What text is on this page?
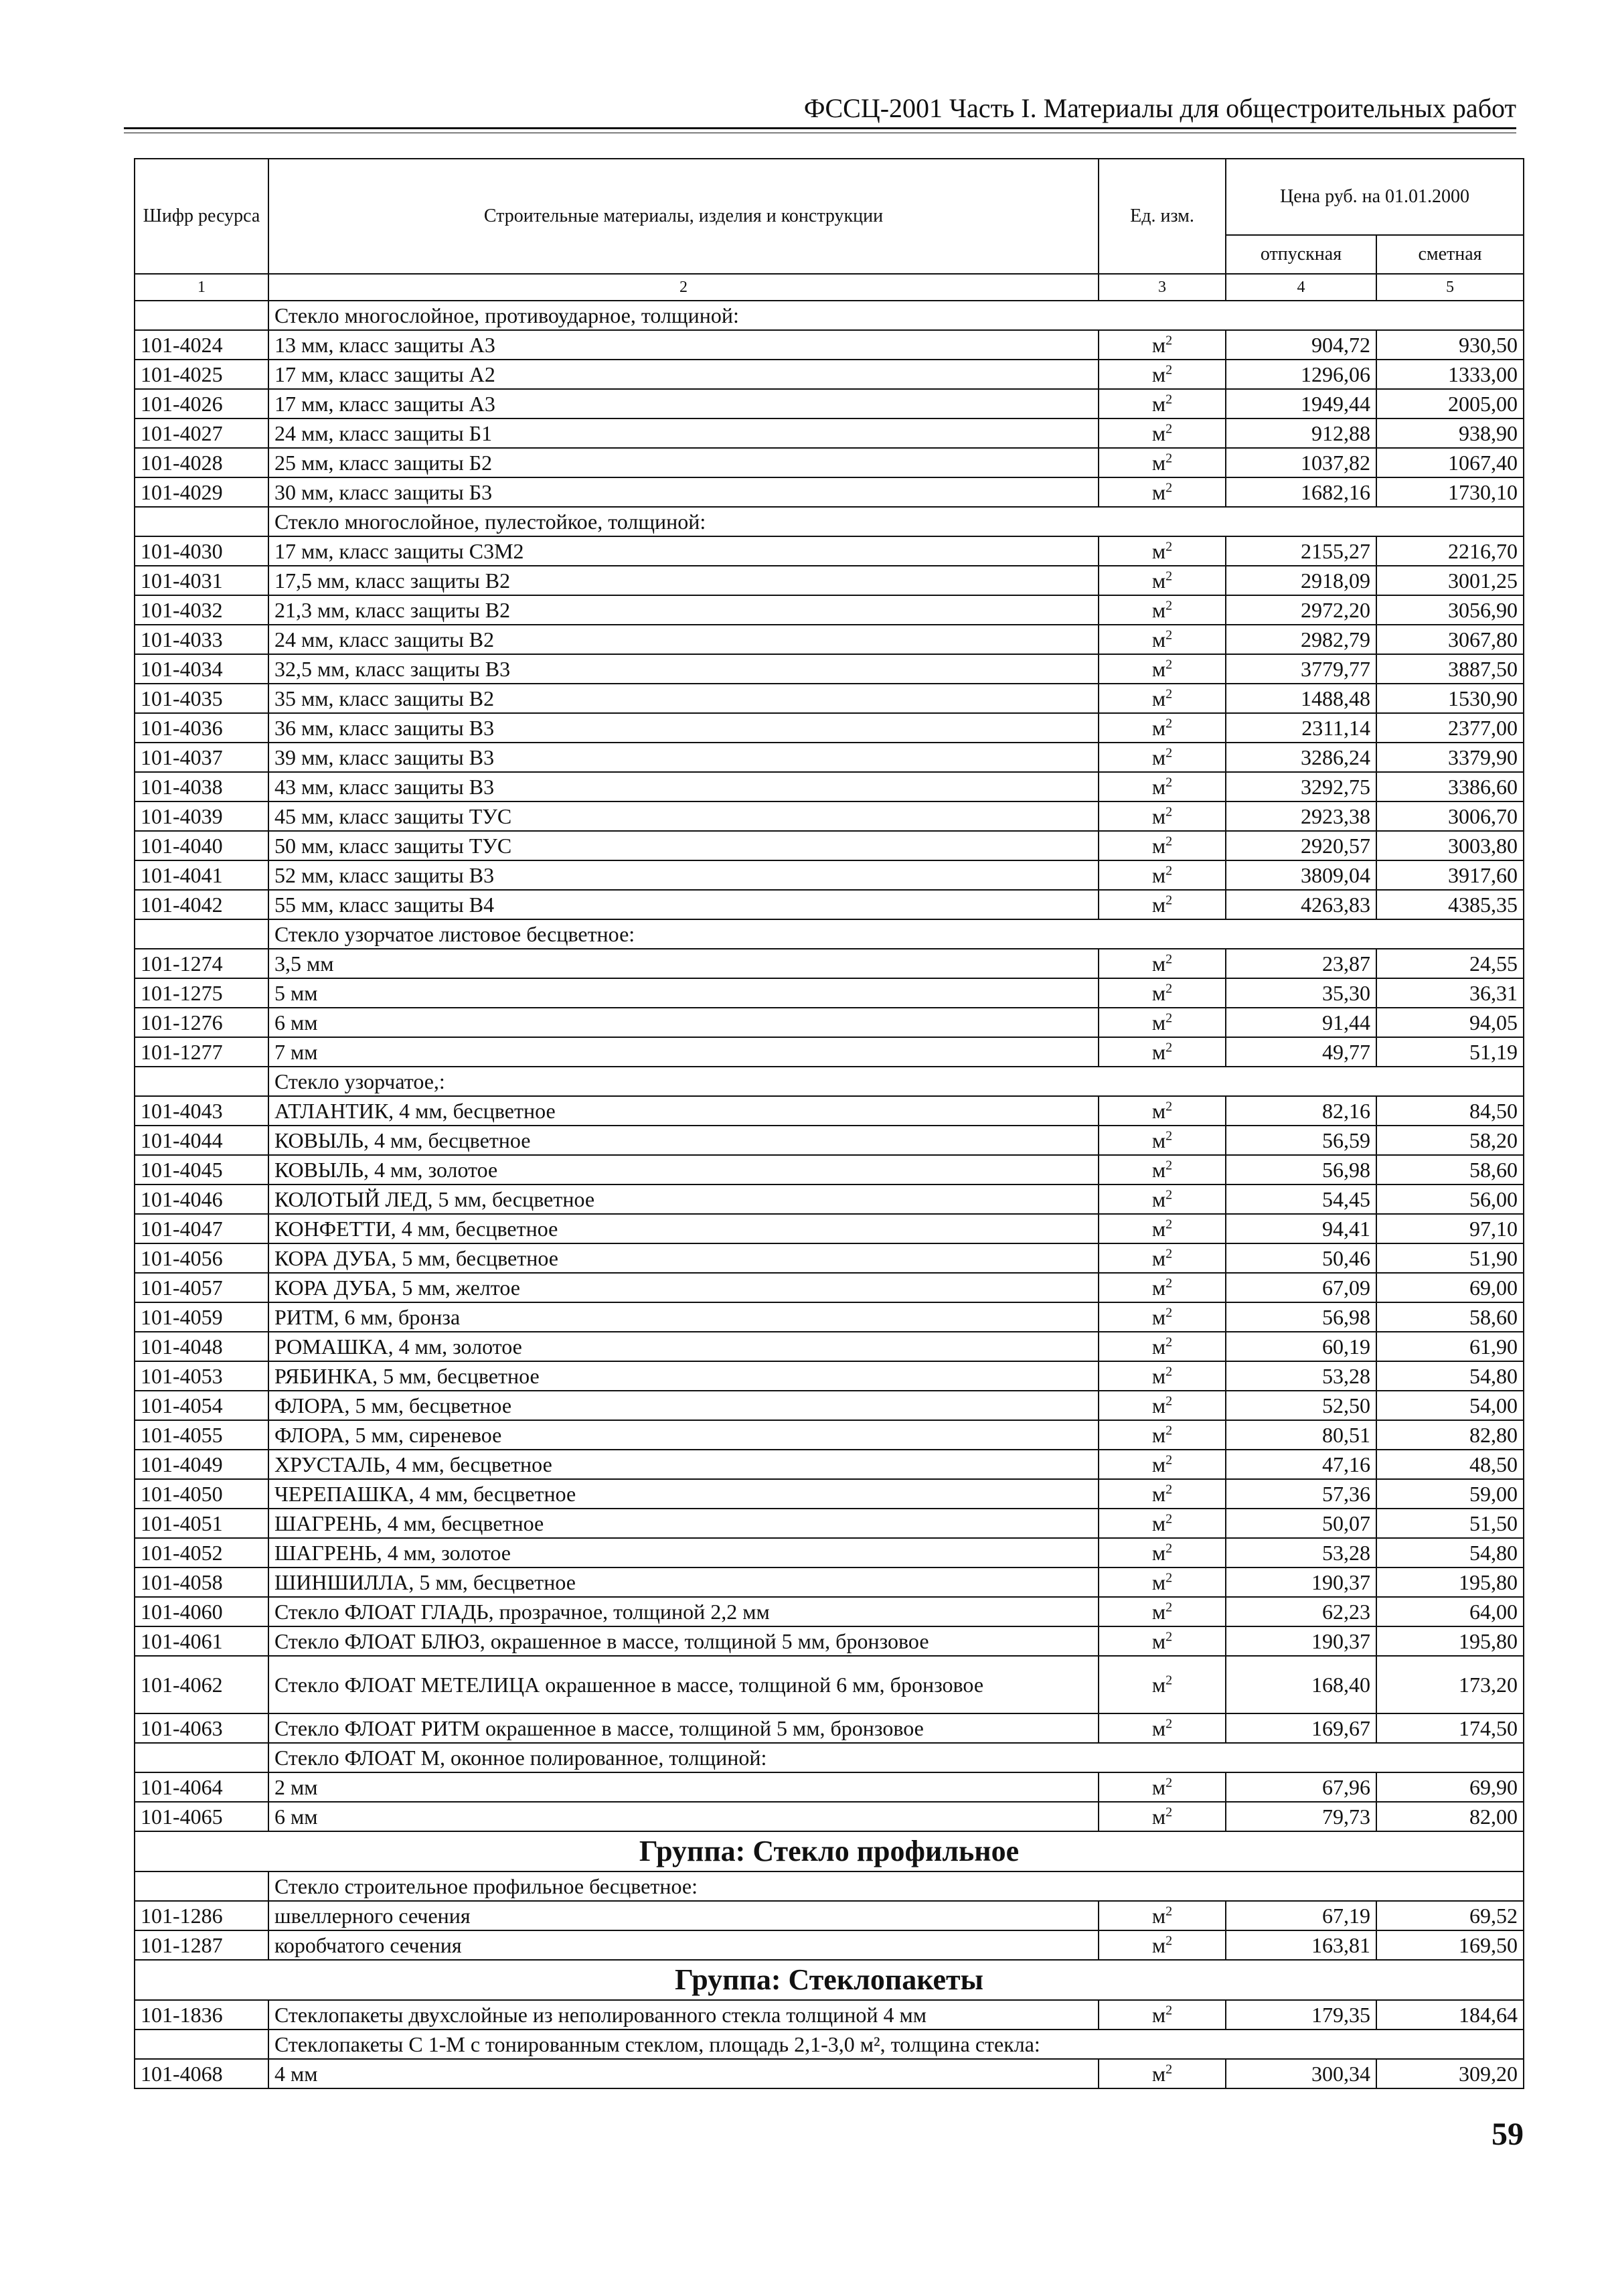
ФССЦ-2001 Часть I. Материалы для общестроительных работ
Шифр ресурса	Строительные материалы, изделия и конструкции	Ед. изм.	Цена руб. на 01.01.2000	
			отпускная	сметная
1	2	3	4	5
	Стекло многослойное, противоударное, толщиной:			
101-4024	13 мм, класс защиты А3	$м^2$	904,72	930,50
101-4025	17 мм, класс защиты А2	$м^2$	1296,06	1333,00
101-4026	17 мм, класс защиты А3	$м^2$	1949,44	2005,00
101-4027	24 мм, класс защиты Б1	$м^2$	912,88	938,90
101-4028	25 мм, класс защиты Б2	$м^2$	1037,82	1067,40
101-4029	30 мм, класс защиты Б3	$м^2$	1682,16	1730,10
	Стекло многослойное, пулестойкое, толщиной:			
101-4030	17 мм, класс защиты С3М2	$м^2$	2155,27	2216,70
101-4031	17,5 мм, класс защиты В2	$м^2$	2918,09	3001,25
101-4032	21,3 мм, класс защиты В2	$м^2$	2972,20	3056,90
101-4033	24 мм, класс защиты В2	$м^2$	2982,79	3067,80
101-4034	32,5 мм, класс защиты В3	$м^2$	3779,77	3887,50
101-4035	35 мм, класс защиты В2	$м^2$	1488,48	1530,90
101-4036	36 мм, класс защиты В3	$м^2$	2311,14	2377,00
101-4037	39 мм, класс защиты В3	$м^2$	3286,24	3379,90
101-4038	43 мм, класс защиты В3	$м^2$	3292,75	3386,60
101-4039	45 мм, класс защиты ТУС	$м^2$	2923,38	3006,70
101-4040	50 мм, класс защиты ТУС	$м^2$	2920,57	3003,80
101-4041	52 мм, класс защиты В3	$м^2$	3809,04	3917,60
101-4042	55 мм, класс защиты В4	$м^2$	4263,83	4385,35
	Стекло узорчатое листовое бесцветное:			
101-1274	3,5 мм	$м^2$	23,87	24,55
101-1275	5 мм	$м^2$	35,30	36,31
101-1276	6 мм	$м^2$	91,44	94,05
101-1277	7 мм	$м^2$	49,77	51,19
	Стекло узорчатое,:			
101-4043	АТЛАНТИК, 4 мм, бесцветное	$м^2$	82,16	84,50
101-4044	КОВЫЛЬ, 4 мм, бесцветное	$м^2$	56,59	58,20
101-4045	КОВЫЛЬ, 4 мм, золотое	$м^2$	56,98	58,60
101-4046	КОЛОТЫЙ ЛЕД, 5 мм, бесцветное	$м^2$	54,45	56,00
101-4047	КОНФЕТТИ, 4 мм, бесцветное	$м^2$	94,41	97,10
101-4056	КОРА ДУБА, 5 мм, бесцветное	$м^2$	50,46	51,90
101-4057	КОРА ДУБА, 5 мм, желтое	$м^2$	67,09	69,00
101-4059	РИТМ, 6 мм, бронза	$м^2$	56,98	58,60
101-4048	РОМАШКА, 4 мм, золотое	$м^2$	60,19	61,90
101-4053	РЯБИНКА, 5 мм, бесцветное	$м^2$	53,28	54,80
101-4054	ФЛОРА, 5 мм, бесцветное	$м^2$	52,50	54,00
101-4055	ФЛОРА, 5 мм, сиреневое	$м^2$	80,51	82,80
101-4049	ХРУСТАЛЬ, 4 мм, бесцветное	$м^2$	47,16	48,50
101-4050	ЧЕРЕПАШКА, 4 мм, бесцветное	$м^2$	57,36	59,00
101-4051	ШАГРЕНЬ, 4 мм, бесцветное	$м^2$	50,07	51,50
101-4052	ШАГРЕНЬ, 4 мм, золотое	$м^2$	53,28	54,80
101-4058	ШИНШИЛЛА, 5 мм, бесцветное	$м^2$	190,37	195,80
101-4060	Стекло ФЛОАТ ГЛАДЬ, прозрачное, толщиной 2,2 мм	$м^2$	62,23	64,00
101-4061	Стекло ФЛОАТ БЛЮЗ, окрашенное в массе, толщиной 5 мм, бронзовое	$м^2$	190,37	195,80
101-4062	Стекло ФЛОАТ МЕТЕЛИЦА окрашенное в массе, толщиной 6 мм, бронзовое	$м^2$	168,40	173,20
101-4063	Стекло ФЛОАТ РИТМ окрашенное в массе, толщиной 5 мм, бронзовое	$м^2$	169,67	174,50
	Стекло ФЛОАТ М, оконное полированное, толщиной:			
101-4064	2 мм	$м^2$	67,96	69,90
101-4065	6 мм	$м^2$	79,73	82,00
Группа: Стекло профильное				
	Стекло строительное профильное бесцветное:			
101-1286	швеллерного сечения	$м^2$	67,19	69,52
101-1287	коробчатого сечения	$м^2$	163,81	169,50
Группа: Стеклопакеты				
101-1836	Стеклопакеты двухслойные из неполированного стекла толщиной 4 мм	$м^2$	179,35	184,64
	Стеклопакеты С 1-М с тонированным стеклом, площадь 2,1-3,0 м², толщина стекла:			
101-4068	4 мм	$м^2$	300,34	309,20
59
